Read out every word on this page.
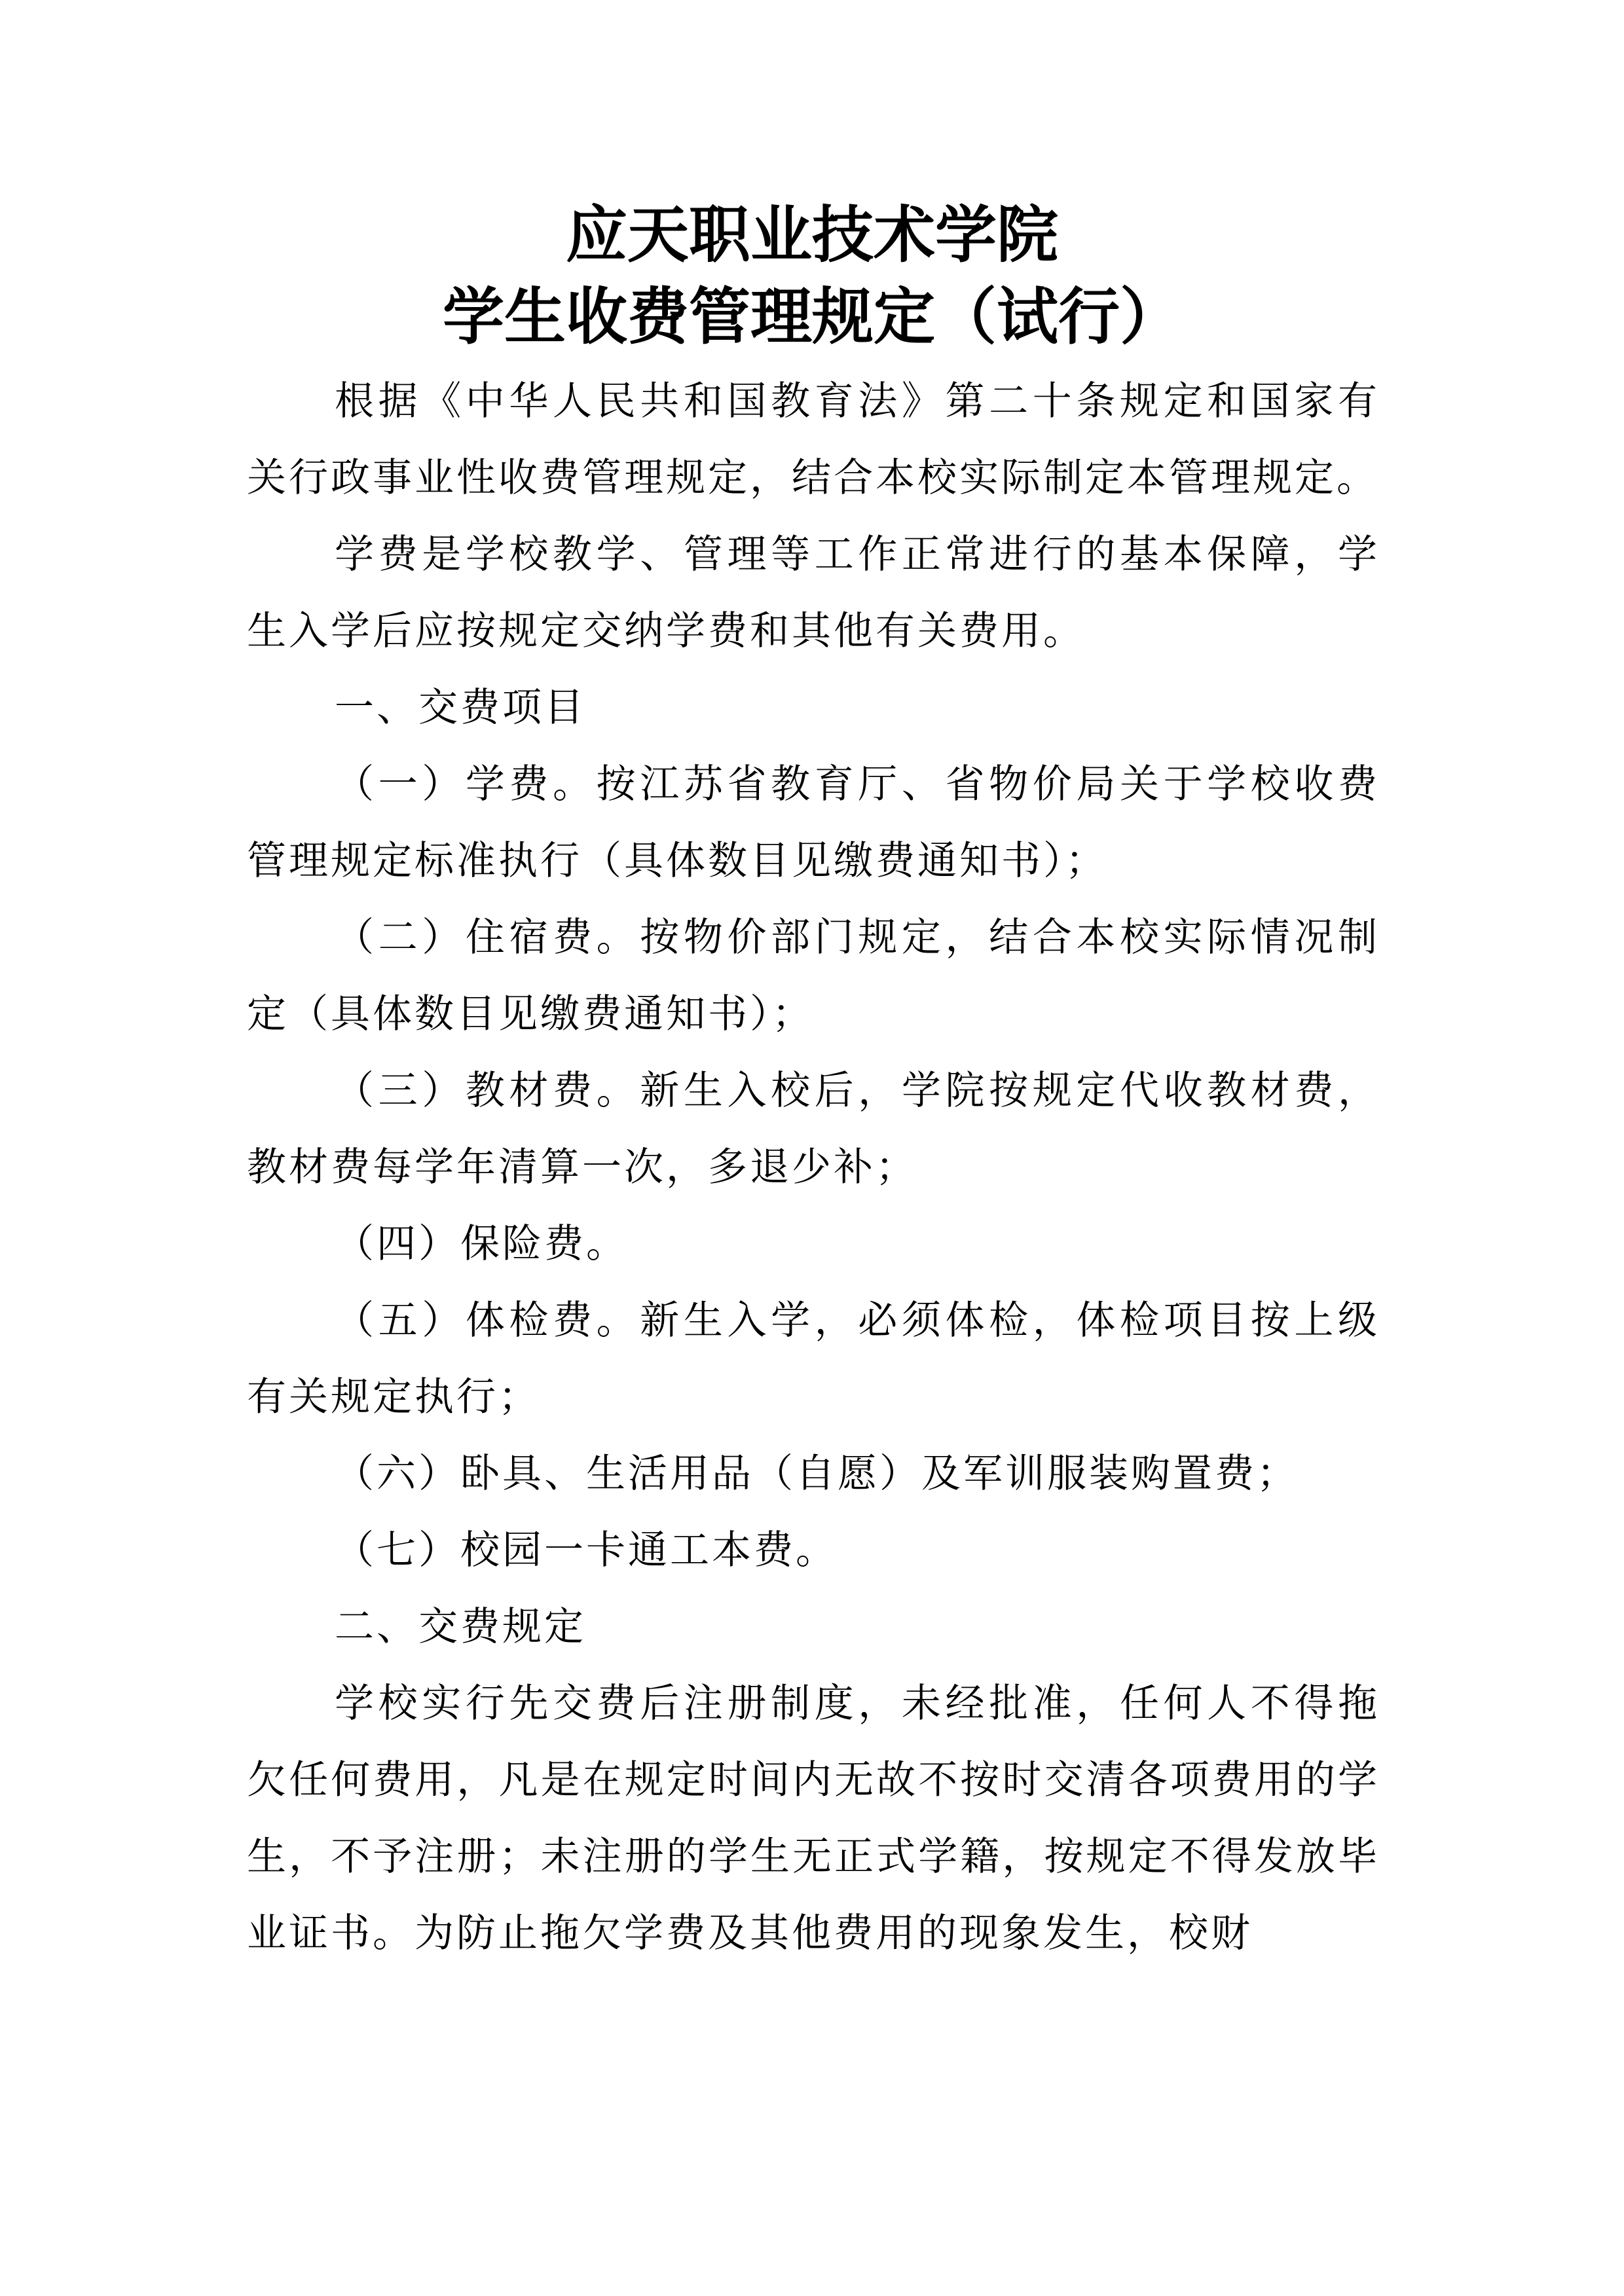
应天职业技术学院
学生收费管理规定（试行）

根据《中华人民共和国教育法》第二十条规定和国家有关行政事业性收费管理规定，结合本校实际制定本管理规定。

学费是学校教学、管理等工作正常进行的基本保障，学生入学后应按规定交纳学费和其他有关费用。

一、交费项目

（一）学费。按江苏省教育厅、省物价局关于学校收费管理规定标准执行（具体数目见缴费通知书）；

（二）住宿费。按物价部门规定，结合本校实际情况制定（具体数目见缴费通知书）；

（三）教材费。新生入校后，学院按规定代收教材费，教材费每学年清算一次，多退少补；

（四）保险费。

（五）体检费。新生入学，必须体检，体检项目按上级有关规定执行；

（六）卧具、生活用品（自愿）及军训服装购置费；

（七）校园一卡通工本费。

二、交费规定

学校实行先交费后注册制度，未经批准，任何人不得拖欠任何费用，凡是在规定时间内无故不按时交清各项费用的学生，不予注册；未注册的学生无正式学籍，按规定不得发放毕业证书。为防止拖欠学费及其他费用的现象发生，校财
